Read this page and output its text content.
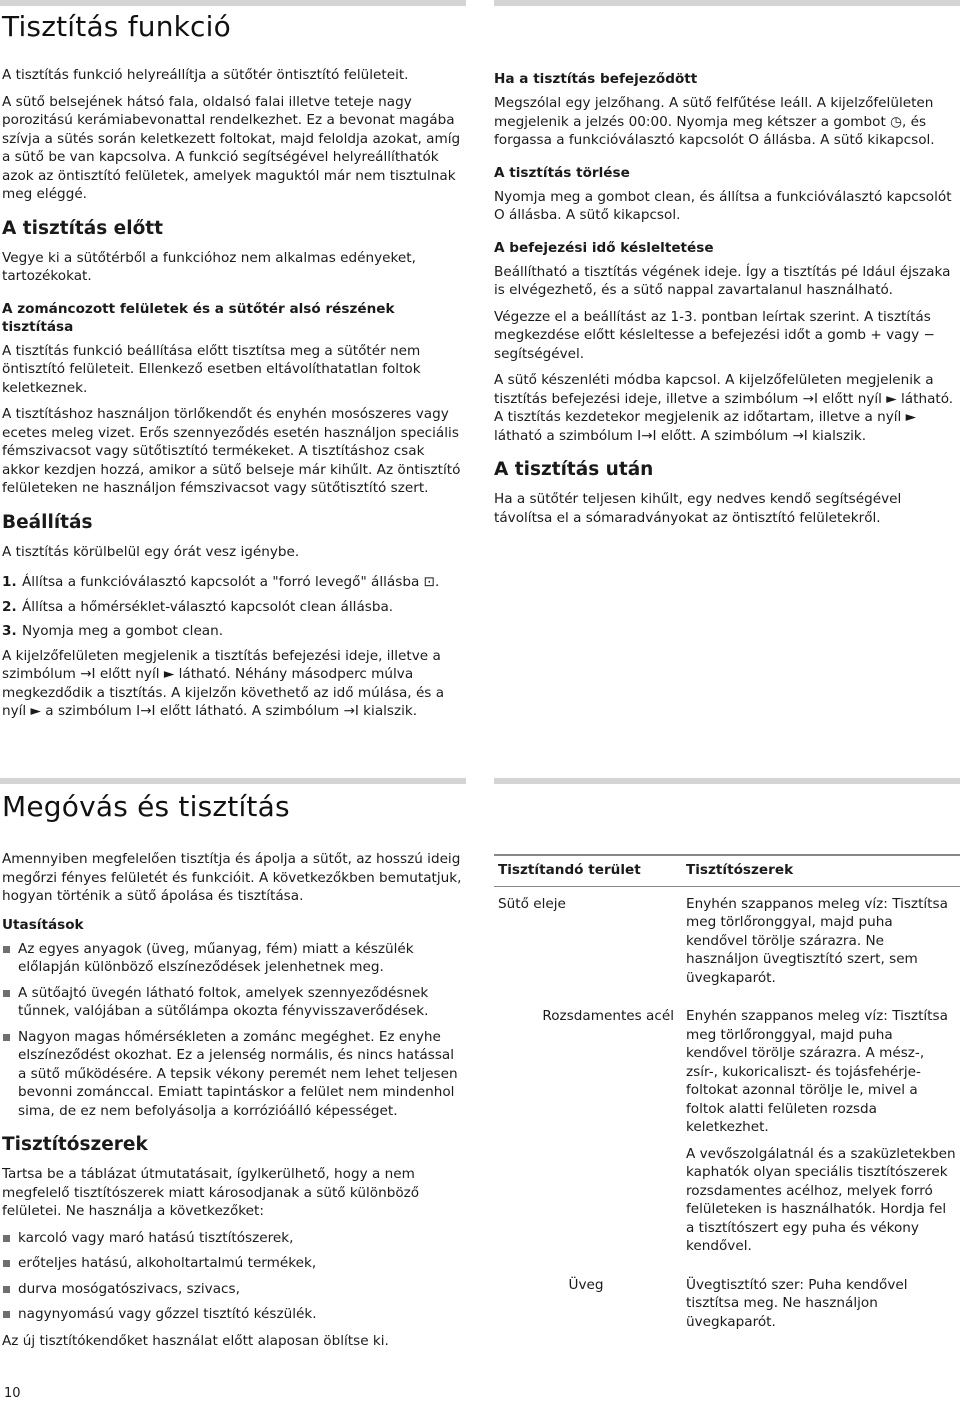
Tisztítás funkció

A tisztítás funkció helyreállítja a sütőtér öntisztító felületeit.

A sütő belsejének hátsó fala, oldalsó falai illetve teteje nagy porozitású kerámiabevonattal rendelkezhet. Ez a bevonat magába szívja a sütés során keletkezett foltokat, majd feloldja azokat, amíg a sütő be van kapcsolva. A funkció segítségével helyreállíthatók azok az öntisztító felületek, amelyek maguktól már nem tisztulnak meg eléggé.

A tisztítás előtt

Vegye ki a sütőtérből a funkcióhoz nem alkalmas edényeket, tartozékokat.

A zománcozott felületek és a sütőtér alsó részének tisztítása

A tisztítás funkció beállítása előtt tisztítsa meg a sütőtér nem öntisztító felületeit. Ellenkező esetben eltávolíthatatlan foltok keletkeznek.

A tisztításhoz használjon törlőkendőt és enyhén mosószeres vagy ecetes meleg vizet. Erős szennyeződés esetén használjon speciális fémszivacsot vagy sütőtisztító termékeket. A tisztításhoz csak akkor kezdjen hozzá, amikor a sütő belseje már kihűlt. Az öntisztító felületeken ne használjon fémszivacsot vagy sütőtisztító szert.

Beállítás

A tisztítás körülbelül egy órát vesz igénybe.

1. Állítsa a funkcióválasztó kapcsolót a "forró levegő" állásba ⊡.
2. Állítsa a hőmérséklet-választó kapcsolót clean állásba.
3. Nyomja meg a gombot clean.

A kijelzőfelületen megjelenik a tisztítás befejezési ideje, illetve a szimbólum →I előtt nyíl ► látható. Néhány másodperc múlva megkezdődik a tisztítás. A kijelzőn követhető az idő múlása, és a nyíl ► a szimbólum I→I előtt látható. A szimbólum →I kialszik.

Ha a tisztítás befejeződött

Megszólal egy jelzőhang. A sütő felfűtése leáll. A kijelzőfelületen megjelenik a jelzés 00:00. Nyomja meg kétszer a gombot ◷, és forgassa a funkcióválasztó kapcsolót O állásba. A sütő kikapcsol.

A tisztítás törlése

Nyomja meg a gombot clean, és állítsa a funkcióválasztó kapcsolót O állásba. A sütő kikapcsol.

A befejezési idő késleltetése

Beállítható a tisztítás végének ideje. Így a tisztítás pé ldául éjszaka is elvégezhető, és a sütő nappal zavartalanul használható.

Végezze el a beállítást az 1-3. pontban leírtak szerint. A tisztítás megkezdése előtt késleltesse a befejezési időt a gomb + vagy − segítségével.

A sütő készenléti módba kapcsol. A kijelzőfelületen megjelenik a tisztítás befejezési ideje, illetve a szimbólum →I előtt nyíl ► látható. A tisztítás kezdetekor megjelenik az időtartam, illetve a nyíl ► látható a szimbólum I→I előtt. A szimbólum →I kialszik.

A tisztítás után

Ha a sütőtér teljesen kihűlt, egy nedves kendő segítségével távolítsa el a sómaradványokat az öntisztító felületekről.

Megóvás és tisztítás

Amennyiben megfelelően tisztítja és ápolja a sütőt, az hosszú ideig megőrzi fényes felületét és funkcióit. A következőkben bemutatjuk, hogyan történik a sütő ápolása és tisztítása.

Utasítások
Az egyes anyagok (üveg, műanyag, fém) miatt a készülék előlapján különböző elszíneződések jelenhetnek meg.
A sütőajtó üvegén látható foltok, amelyek szennyeződésnek tűnnek, valójában a sütőlámpa okozta fényvisszaverődések.
Nagyon magas hőmérsékleten a zománc megéghet. Ez enyhe elszíneződést okozhat. Ez a jelenség normális, és nincs hatással a sütő működésére. A tepsik vékony peremét nem lehet teljesen bevonni zománccal. Emiatt tapintáskor a felület nem mindenhol sima, de ez nem befolyásolja a korrózióálló képességet.
Tisztítószerek

Tartsa be a táblázat útmutatásait, ígylkerülhető, hogy a nem megfelelő tisztítószerek miatt károsodjanak a sütő különböző felületei. Ne használja a következőket:

karcoló vagy maró hatású tisztítószerek,
erőteljes hatású, alkoholtartalmú termékek,
durva mosógatószivacs, szivacs,
nagynyomású vagy gőzzel tisztító készülék.

Az új tisztítókendőket használat előtt alaposan öblítse ki.

Tisztítandó terület	Tisztítószerek
Sütő eleje	Enyhén szappanos meleg víz: Tisztítsa meg törlőronggyal, majd puha kendővel törölje szárazra. Ne használjon üvegtisztító szert, sem üvegkaparót.

Rozsdamentes acél	Enyhén szappanos meleg víz: Tisztítsa meg törlőronggyal, majd puha kendővel törölje szárazra. A mész-, zsír-, kukoricaliszt- és tojásfehérje-foltokat azonnal törölje le, mivel a foltok alatti felületen rozsda keletkezhet.

A vevőszolgálatnál és a szaküzletekben kaphatók olyan speciális tisztítószerek rozsdamentes acélhoz, melyek forró felületeken is használhatók. Hordja fel a tisztítószert egy puha és vékony kendővel.

Üveg	Üvegtisztító szer: Puha kendővel tisztítsa meg. Ne használjon üvegkaparót.

10
